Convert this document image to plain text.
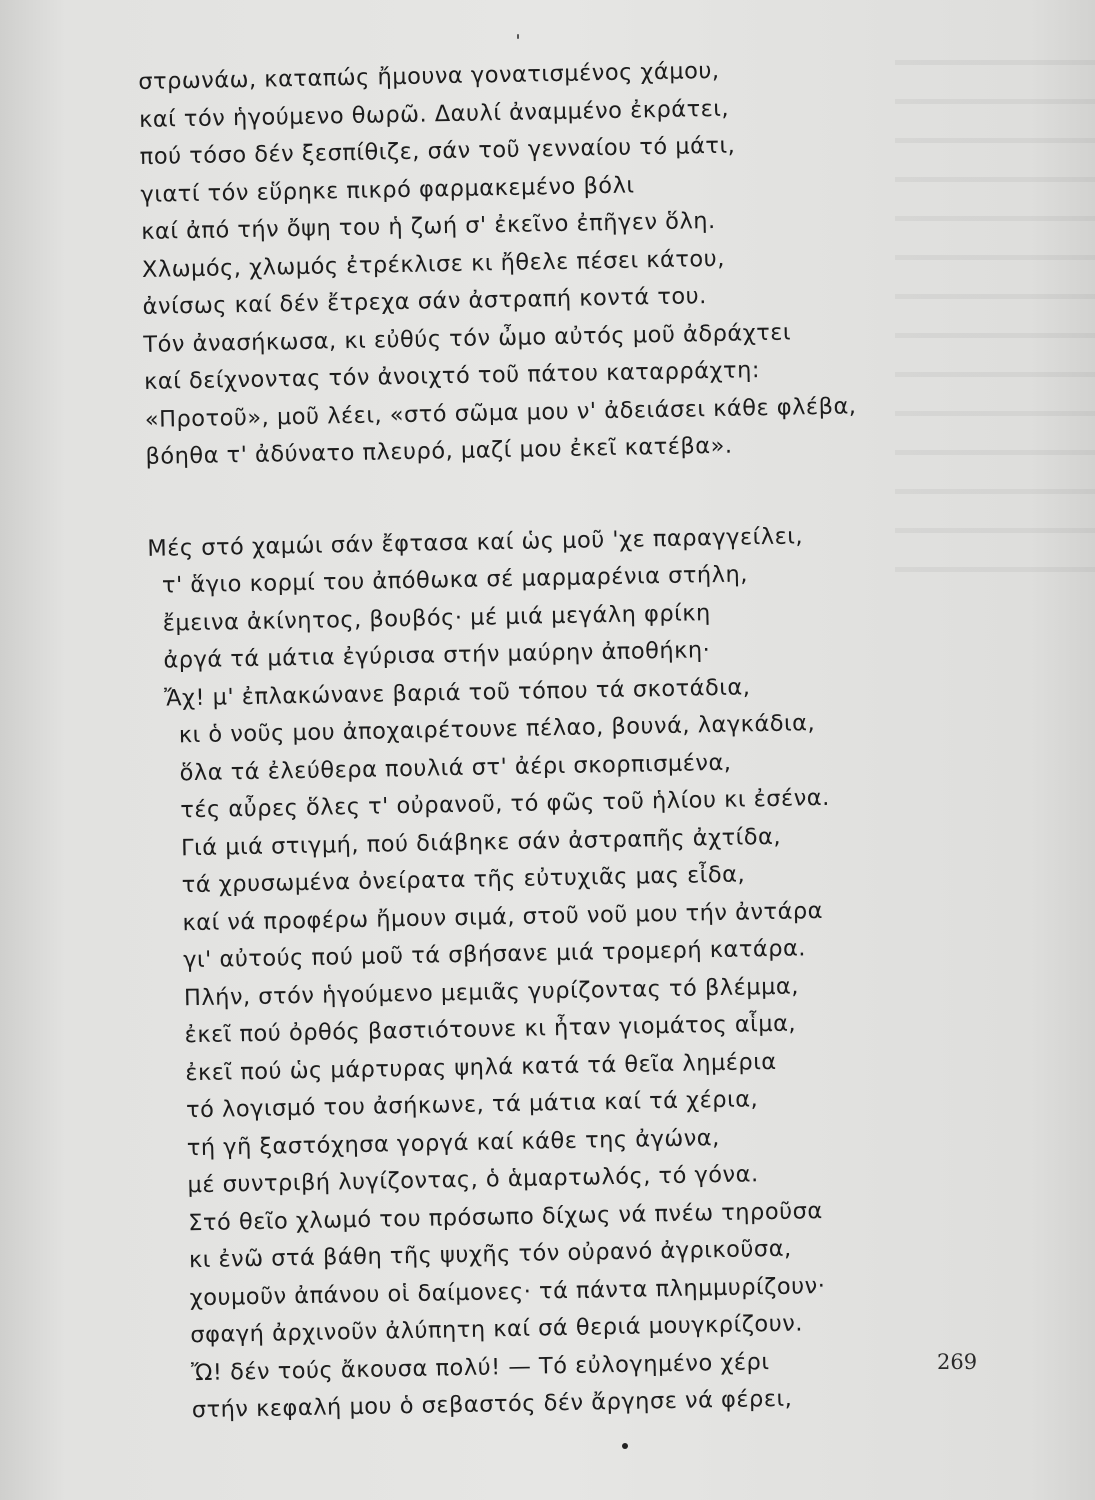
στρωνάω, καταπώς ἤμουνα γονατισμένος χάμου,
καί τόν ἡγούμενο θωρῶ. Δαυλί ἀναμμένο ἐκράτει,
πού τόσο δέν ξεσπίθιζε, σάν τοῦ γενναίου τό μάτι,
γιατί τόν εὕρηκε πικρό φαρμακεμένο βόλι
καί ἀπό τήν ὄψη του ἡ ζωή σ' ἐκεῖνο ἐπῆγεν ὅλη.
Χλωμός, χλωμός ἐτρέκλισε κι ἤθελε πέσει κάτου,
ἀνίσως καί δέν ἔτρεχα σάν ἀστραπή κοντά του.
Τόν ἀνασήκωσα, κι εὐθύς τόν ὦμο αὐτός μοῦ ἀδράχτει
καί δείχνοντας τόν ἀνοιχτό τοῦ πάτου καταρράχτη:
«Προτοῦ», μοῦ λέει, «στό σῶμα μου ν' ἀδειάσει κάθε φλέβα,
βόηθα τ' ἀδύνατο πλευρό, μαζί μου ἐκεῖ κατέβα».
Μές στό χαμώι σάν ἔφτασα καί ὡς μοῦ 'χε παραγγείλει,
τ' ἅγιο κορμί του ἀπόθωκα σέ μαρμαρένια στήλη,
ἔμεινα ἀκίνητος, βουβός· μέ μιά μεγάλη φρίκη
ἀργά τά μάτια ἐγύρισα στήν μαύρην ἀποθήκη·
Ἄχ! μ' ἐπλακώνανε βαριά τοῦ τόπου τά σκοτάδια,
κι ὁ νοῦς μου ἀποχαιρέτουνε πέλαο, βουνά, λαγκάδια,
ὅλα τά ἐλεύθερα πουλιά στ' ἀέρι σκορπισμένα,
τές αὖρες ὅλες τ' οὐρανοῦ, τό φῶς τοῦ ἡλίου κι ἐσένα.
Γιά μιά στιγμή, πού διάβηκε σάν ἀστραπῆς ἀχτίδα,
τά χρυσωμένα ὀνείρατα τῆς εὐτυχιᾶς μας εἶδα,
καί νά προφέρω ἤμουν σιμά, στοῦ νοῦ μου τήν ἀντάρα
γι' αὐτούς πού μοῦ τά σβήσανε μιά τρομερή κατάρα.
Πλήν, στόν ἡγούμενο μεμιᾶς γυρίζοντας τό βλέμμα,
ἐκεῖ πού ὀρθός βαστιότουνε κι ἦταν γιομάτος αἷμα,
ἐκεῖ πού ὡς μάρτυρας ψηλά κατά τά θεῖα λημέρια
τό λογισμό του ἀσήκωνε, τά μάτια καί τά χέρια,
τή γῆ ξαστόχησα γοργά καί κάθε της ἀγώνα,
μέ συντριβή λυγίζοντας, ὁ ἁμαρτωλός, τό γόνα.
Στό θεῖο χλωμό του πρόσωπο δίχως νά πνέω τηροῦσα
κι ἐνῶ στά βάθη τῆς ψυχῆς τόν οὐρανό ἀγρικοῦσα,
χουμοῦν ἀπάνου οἱ δαίμονες· τά πάντα πλημμυρίζουν·
σφαγή ἀρχινοῦν ἀλύπητη καί σά θεριά μουγκρίζουν.
Ὤ! δέν τούς ἄκουσα πολύ! — Τό εὐλογημένο χέρι
στήν κεφαλή μου ὁ σεβαστός δέν ἄργησε νά φέρει,
269
